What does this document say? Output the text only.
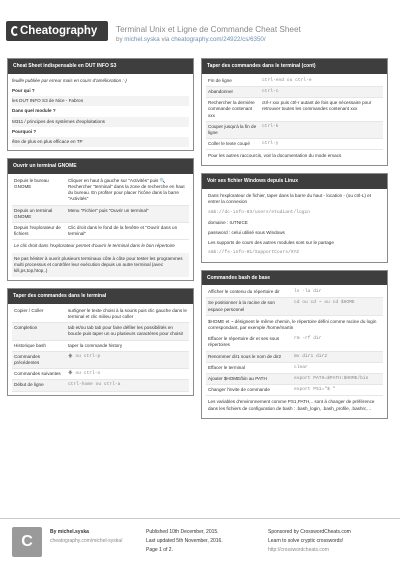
Cheatography	Terminal Unix et Ligne de Commande Cheat Sheet
by michel.syska via cheatography.com/24922/cs/6350/
Cheat Sheet indispensable en DUT INFO S3
feuille publiée par erreur mais en cours d'amélioration :-)
Pour qui ?
les DUT INFO S3 de Nice - Fabron
Dans quel module ?
M311 / principes des systèmes d'exploitations
Pourquoi ?
être de plus en plus efficace en TP
Ouvrir un terminal GNOME
Depuis le bureau GNOME	Cliquer en haut à gauche sur "Activités" puis 🔍 Rechercher "terminal" dans la zone de recherche en haut du bureau. En profiter pour placer l'icône dans la barre "Activités"
Depuis un terminal GNOME	Menu "Fichier" puis "Ouvrir un terminal"
Depuis l'explorateur de fichiers	Clic droit dans le fond de la fenêtre et "Ouvrir dans un terminal"
Le clic droit dans l'explorateur permet d'ouvrir le terminal dans le bon répertoire
Ne pas hésiter à ouvrir plusieurs terminaux côte à côte pour tester les programmes multi processus et contrôler leur exécution depuis un autre terminal (avec kill,ps,top,htop,.)
Taper des commandes dans le terminal
Copier / Coller	surligner le texte choisi à la souris puis clic gauche dans le terminal et clic milieu pour coller
Completion	tab et/ou tab tab pour faire défiler les possibilités en boucle puis taper un ou plusieurs caractères pour choisir
Historique bash	taper la commande history
Commandes précédentes	🡅 ou ctrl-p
Commandes suivantes	🡇 ou ctrl-n
Début de ligne	ctrl-home ou ctrl-a
Taper des commandes dans le terminal (cont)
Fin de ligne	ctrl-end ou ctrl-e
Abandonner	ctrl-c
Rechercher la dernière commande contenant xxx	ctrl-r xxx puis ctrl-r autant de fois que nécessaire pour retrouver toutes les commandes contenant xxx
Couper jusqu'à la fin de ligne	ctrl-k
Coller le texte coupé	ctrl-y
Pour les autres raccourcis, voir la documentation du mode emacs
Voir ses fichier Windows depuis Linux
Dans l'explorateur de fichier, taper dans la barre du haut - location - (ou ctrl-L) et entrer la connexion
smb://dc-info-03/users/etudiant/login
domaine : IUTNICE
password : celui utilisé sous Windows
Les supports de cours des autres modules sont sur le partage
smb://fs-info-01/SupportCours/XYZ
Commandes bash de base
Afficher le contenu du répertoire dir	ls -la dir
Se positionner à la racine de son espace personnel	cd ou cd ~ ou cd $HOME
$HOME et ~ désignent le même chemin, le répertoire défini comme racine du login correspondant, par exemple /home/martin
Effacer le répertoire dir et ses sous répertoires	rm -rf dir
Renommer dir1 sous le nom de dir2	mv dir1 dir2
Effacer le terminal	clear
Ajouter $HOME/bin au PATH	export PATH=$PATH:$HOME/bin
Changer l'invite de commande	export PS1="$ "
Les variables d'environnement comme PS1,PATH,.. sont à changer de préférence dans les fichiers de configuration de bash : .bash_login, .bash_profile, .bashrc, ..
C
By michel.syska
cheatography.com/michel-syska/
Published 10th December, 2015.
Last updated 5th November, 2016.
Page 1 of 2.
Sponsored by CrosswordCheats.com
Learn to solve cryptic crosswords!
http://crosswordcheats.com
